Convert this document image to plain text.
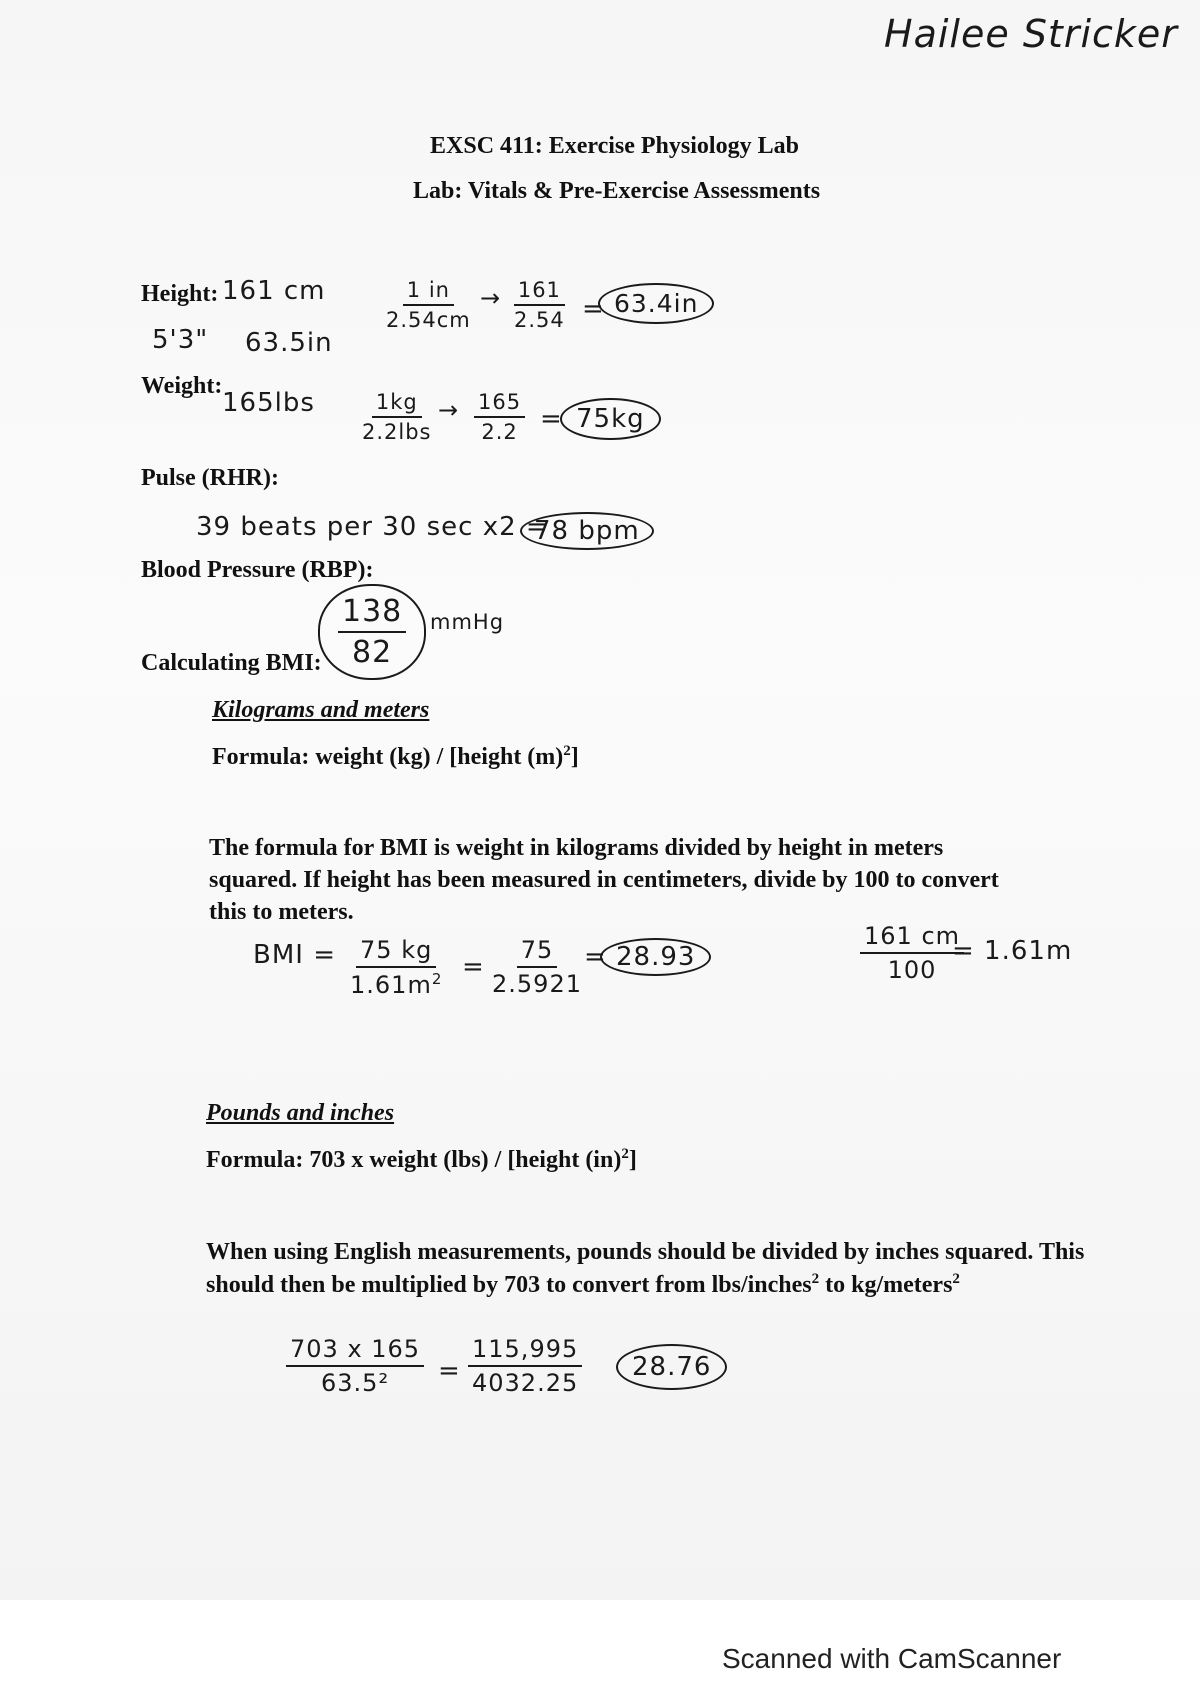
Hailee Stricker
EXSC 411: Exercise Physiology Lab
Lab: Vitals & Pre-Exercise Assessments
Height: 161 cm
5'3" 63.5in
$\frac{1 in}{2.54cm} \to \frac{161}{2.54} = 63.4in$
Weight:
165lbs	1kg
2.2lbs
→ $\frac{165}{2.2} = 75kg$
Pulse (RHR):
39 beats per 30 sec x2 =
78 bpm
Blood Pressure (RBP):
$\frac{138}{82}$ mmHg
Calculating BMI:
Kilograms and meters
Formula: weight (kg) / [height $(m)^2$]
The formula for BMI is weight in kilograms divided by height in meters squared. If height has been measured in centimeters, divide by 100 to convert this to meters.
BMI = $\frac{75 kg}{1.61m^2} = \frac{75}{2.5921}$
= 28.93	$\frac{161 cm}{100}$
= 1.61m
Pounds and inches
Formula: 703 x weight (lbs) / [height (in)$^2$]
When using English measurements, pounds should be divided by inches squared. This
should then be multiplied by 703 to convert from lbs/inches$^2$ to kg/meters$^2$
$\frac{703 x 165}{\text{63.5²}} = \frac{115,995}{4032.25}$	28.76
Scanned with CamScanner
